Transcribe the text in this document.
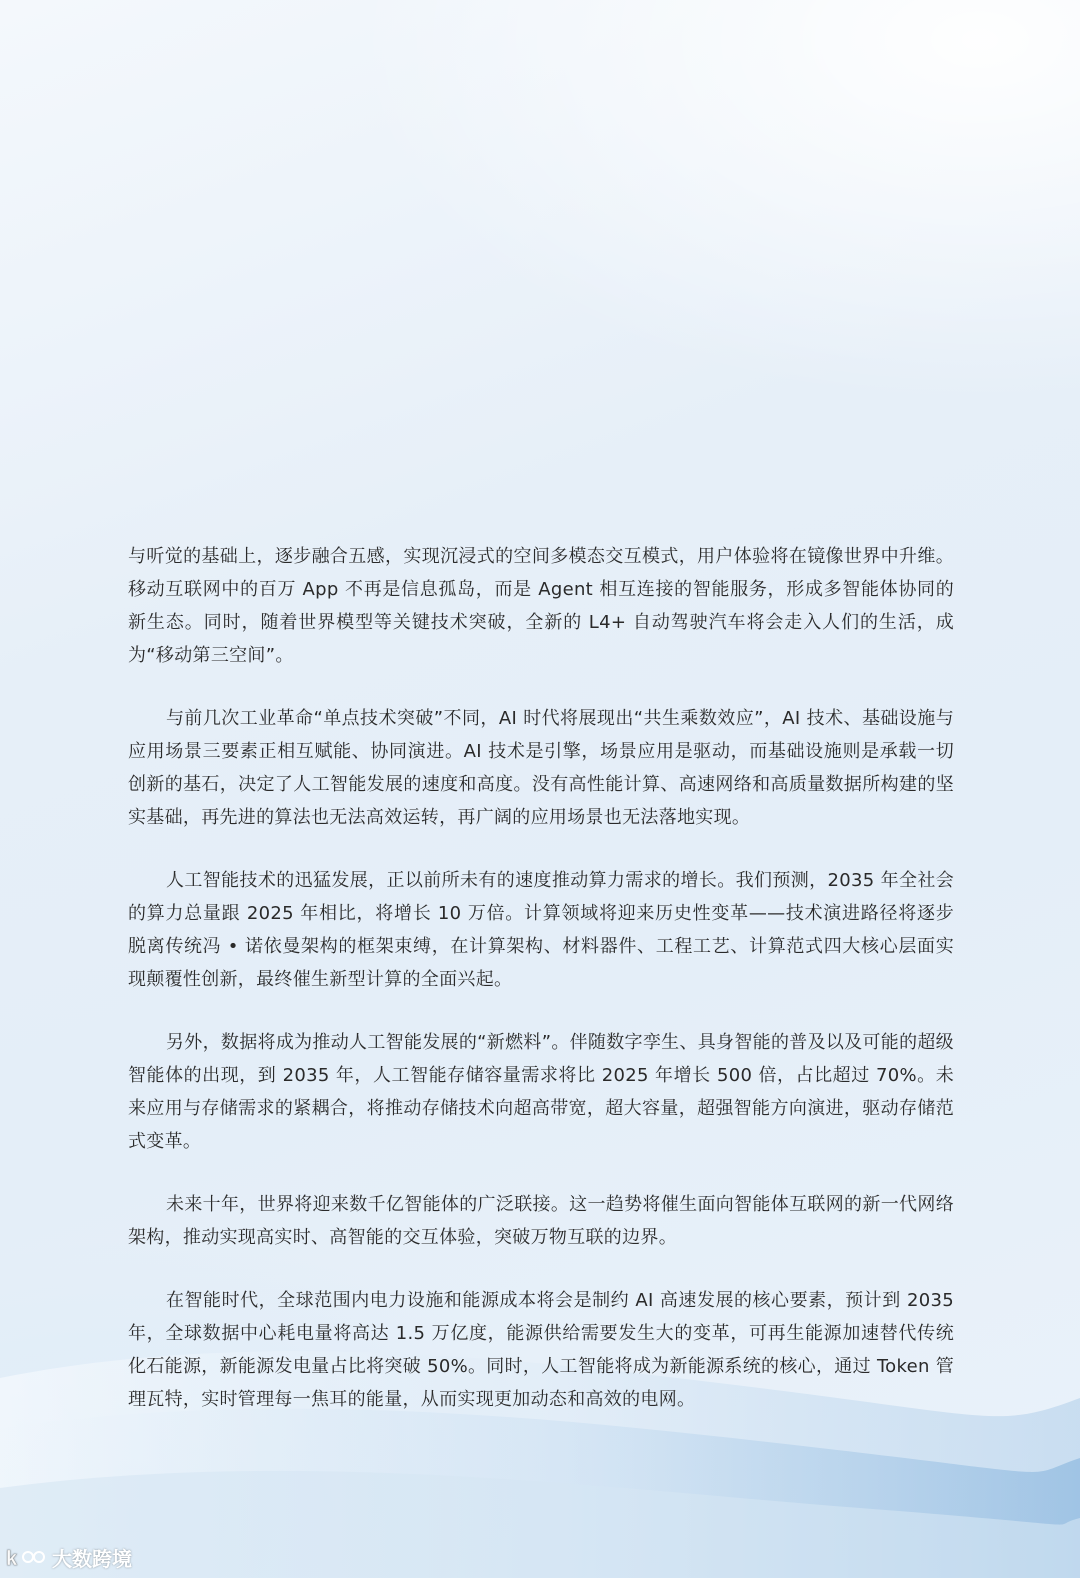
与听觉的基础上，逐步融合五感，实现沉浸式的空间多模态交互模式，用户体验将在镜像世界中升维。移动互联网中的百万 App 不再是信息孤岛，而是 Agent 相互连接的智能服务，形成多智能体协同的新生态。同时，随着世界模型等关键技术突破，全新的 L4+ 自动驾驶汽车将会走入人们的生活，成为“移动第三空间”。

与前几次工业革命“单点技术突破”不同，AI 时代将展现出“共生乘数效应”，AI 技术、基础设施与应用场景三要素正相互赋能、协同演进。AI 技术是引擎，场景应用是驱动，而基础设施则是承载一切创新的基石，决定了人工智能发展的速度和高度。没有高性能计算、高速网络和高质量数据所构建的坚实基础，再先进的算法也无法高效运转，再广阔的应用场景也无法落地实现。

人工智能技术的迅猛发展，正以前所未有的速度推动算力需求的增长。我们预测，2035 年全社会的算力总量跟 2025 年相比，将增长 10 万倍。计算领域将迎来历史性变革——技术演进路径将逐步脱离传统冯 • 诺依曼架构的框架束缚，在计算架构、材料器件、工程工艺、计算范式四大核心层面实现颠覆性创新，最终催生新型计算的全面兴起。

另外，数据将成为推动人工智能发展的“新燃料”。伴随数字孪生、具身智能的普及以及可能的超级智能体的出现，到 2035 年，人工智能存储容量需求将比 2025 年增长 500 倍，占比超过 70%。未来应用与存储需求的紧耦合，将推动存储技术向超高带宽，超大容量，超强智能方向演进，驱动存储范式变革。

未来十年，世界将迎来数千亿智能体的广泛联接。这一趋势将催生面向智能体互联网的新一代网络架构，推动实现高实时、高智能的交互体验，突破万物互联的边界。

在智能时代，全球范围内电力设施和能源成本将会是制约 AI 高速发展的核心要素，预计到 2035 年，全球数据中心耗电量将高达 1.5 万亿度，能源供给需要发生大的变革，可再生能源加速替代传统化石能源，新能源发电量占比将突破 50%。同时，人工智能将成为新能源系统的核心，通过 Token 管理瓦特，实时管理每一焦耳的能量，从而实现更加动态和高效的电网。

k 大数跨境
